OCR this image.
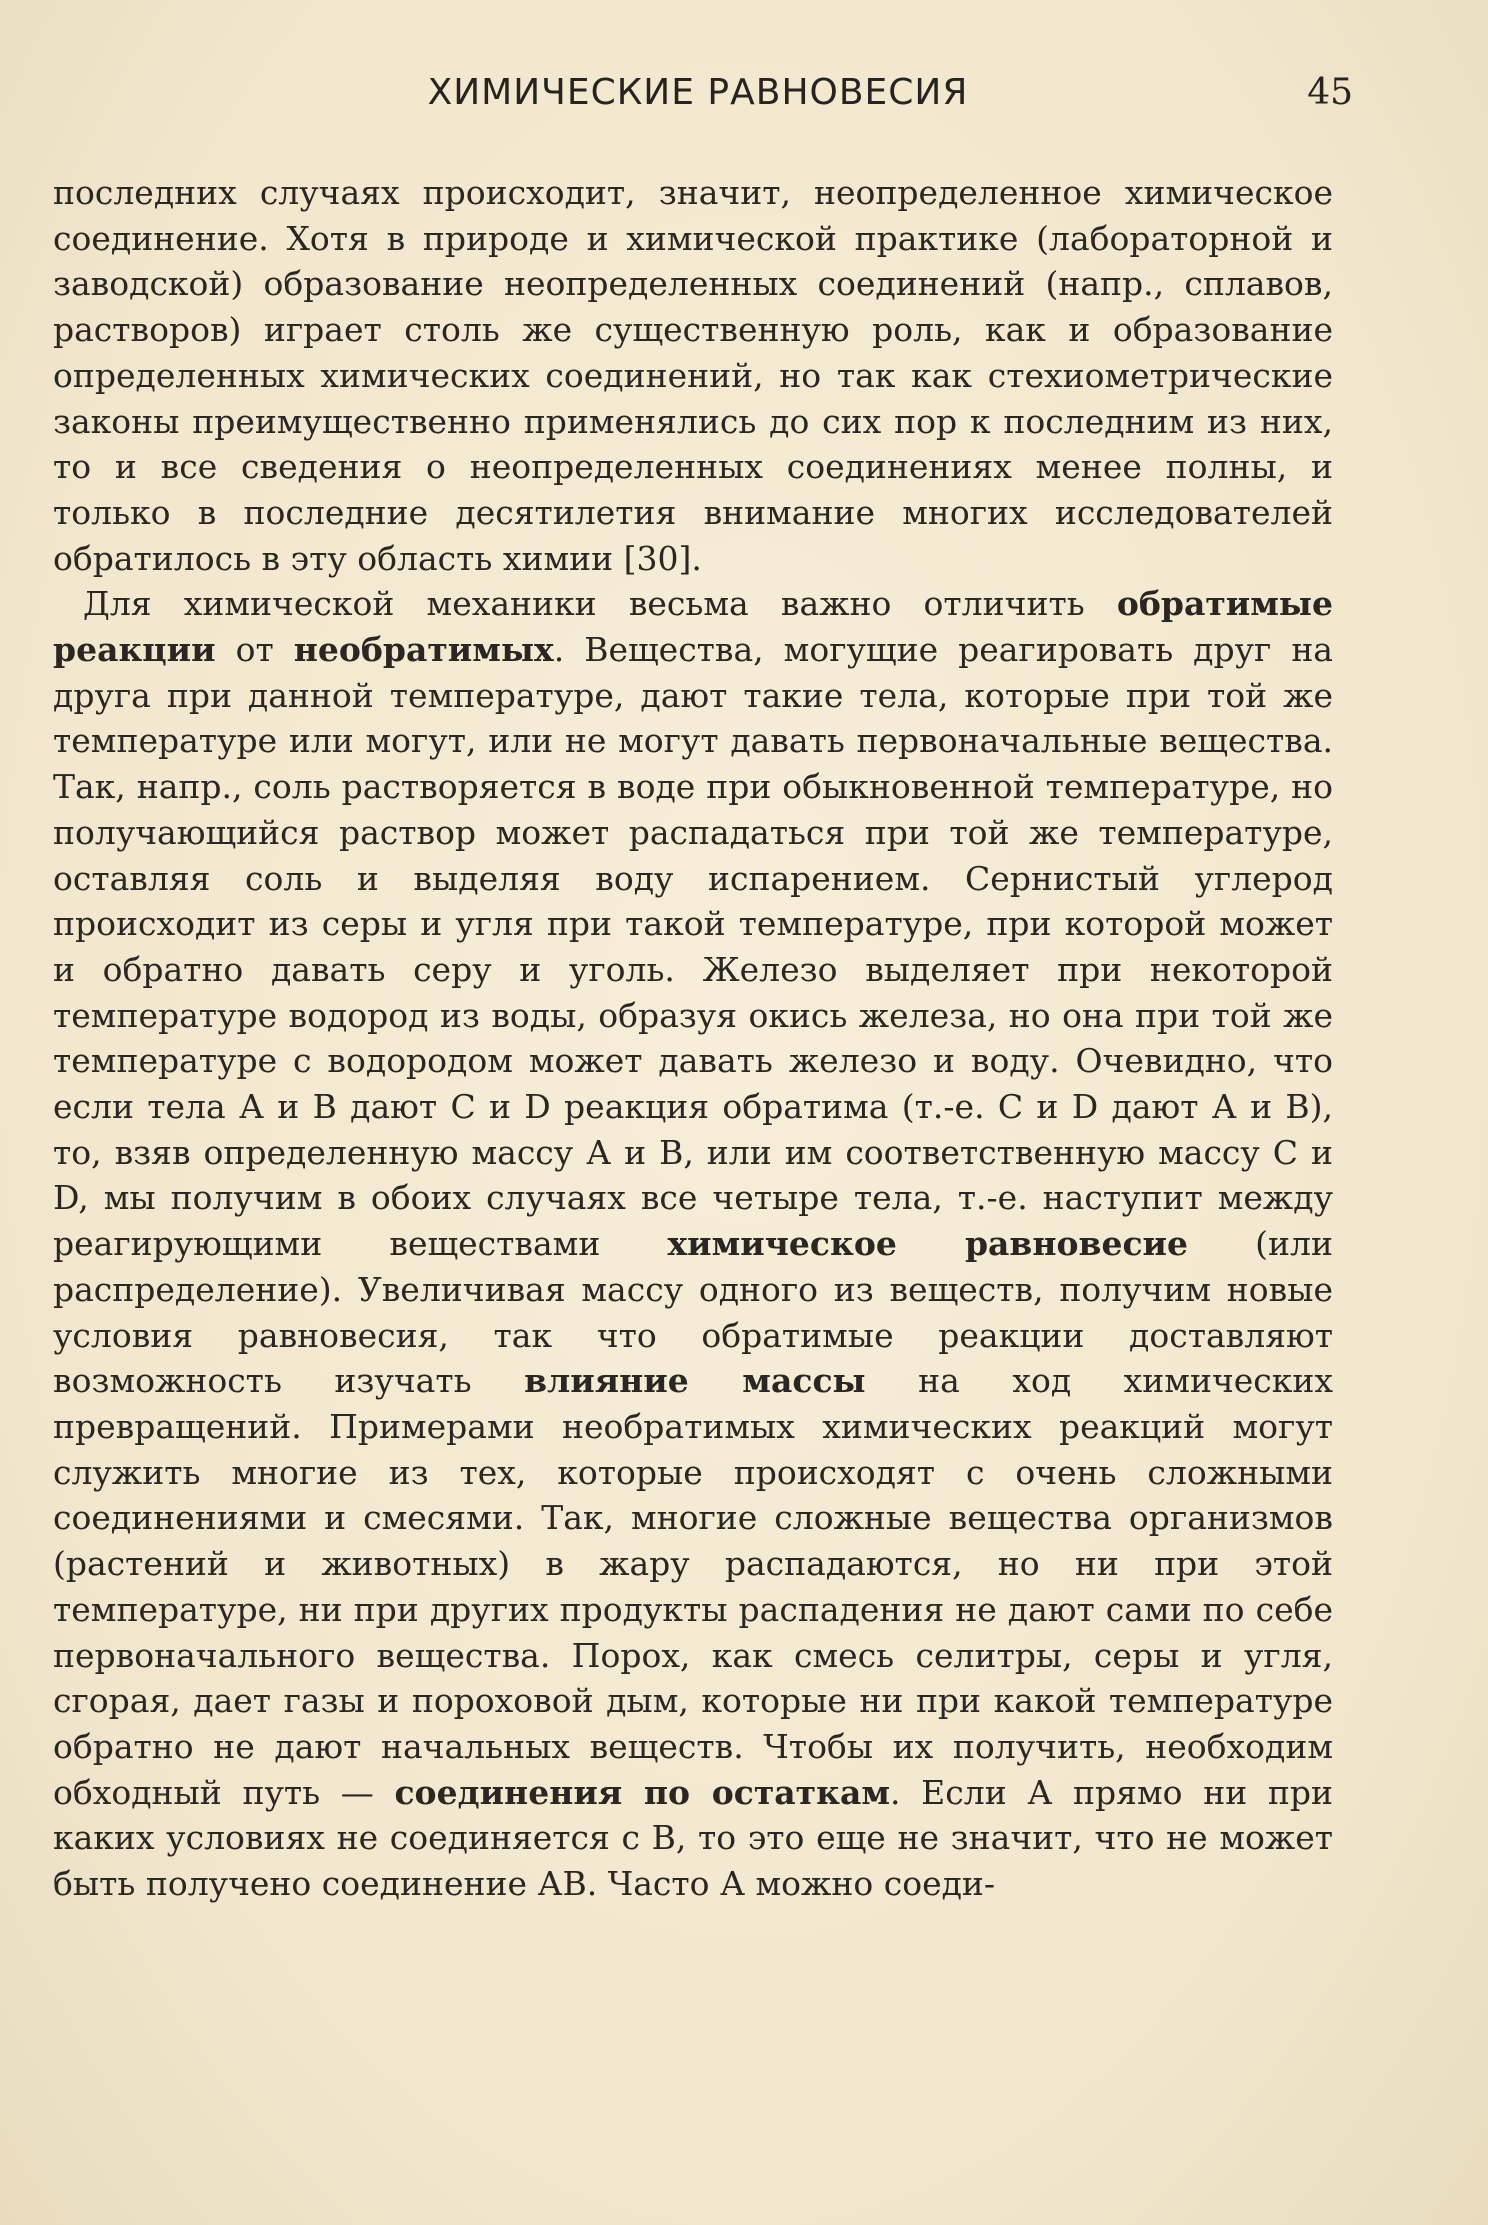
ХИМИЧЕСКИЕ РАВНОВЕСИЯ	45

последних случаях происходит, значит, неопределенное химическое соединение. Хотя в природе и химической практике (лабораторной и заводской) образование неопределенных соединений (напр., сплавов, растворов) играет столь же существенную роль, как и образование определенных химических соединений, но так как стехиометрические законы преимущественно применялись до сих пор к последним из них, то и все сведения о неопределенных соединениях менее полны, и только в последние десятилетия внимание многих исследователей обратилось в эту область химии [30].

Для химической механики весьма важно отличить обратимые реакции от необратимых. Вещества, могущие реагировать друг на друга при данной температуре, дают такие тела, которые при той же температуре или могут, или не могут давать первоначальные вещества. Так, напр., соль растворяется в воде при обыкновенной температуре, но получающийся раствор может распадаться при той же температуре, оставляя соль и выделяя воду испарением. Сернистый углерод происходит из серы и угля при такой температуре, при которой может и обратно давать серу и уголь. Железо выделяет при некоторой температуре водород из воды, образуя окись железа, но она при той же температуре с водородом может давать железо и воду. Очевидно, что если тела А и В дают С и D реакция обратима (т.-е. С и D дают А и В), то, взяв определенную массу А и В, или им соответственную массу С и D, мы получим в обоих случаях все четыре тела, т.-е. наступит между реагирующими веществами химическое равновесие (или распределение). Увеличивая массу одного из веществ, получим новые условия равновесия, так что обратимые реакции доставляют возможность изучать влияние массы на ход химических превращений. Примерами необратимых химических реакций могут служить многие из тех, которые происходят с очень сложными соединениями и смесями. Так, многие сложные вещества организмов (растений и животных) в жару распадаются, но ни при этой температуре, ни при других продукты распадения не дают сами по себе первоначального вещества. Порох, как смесь селитры, серы и угля, сгорая, дает газы и пороховой дым, которые ни при какой температуре обратно не дают начальных веществ. Чтобы их получить, необходим обходный путь — соединения по остаткам. Если А прямо ни при каких условиях не соединяется с В, то это еще не значит, что не может быть получено соединение АВ. Часто А можно соеди-
